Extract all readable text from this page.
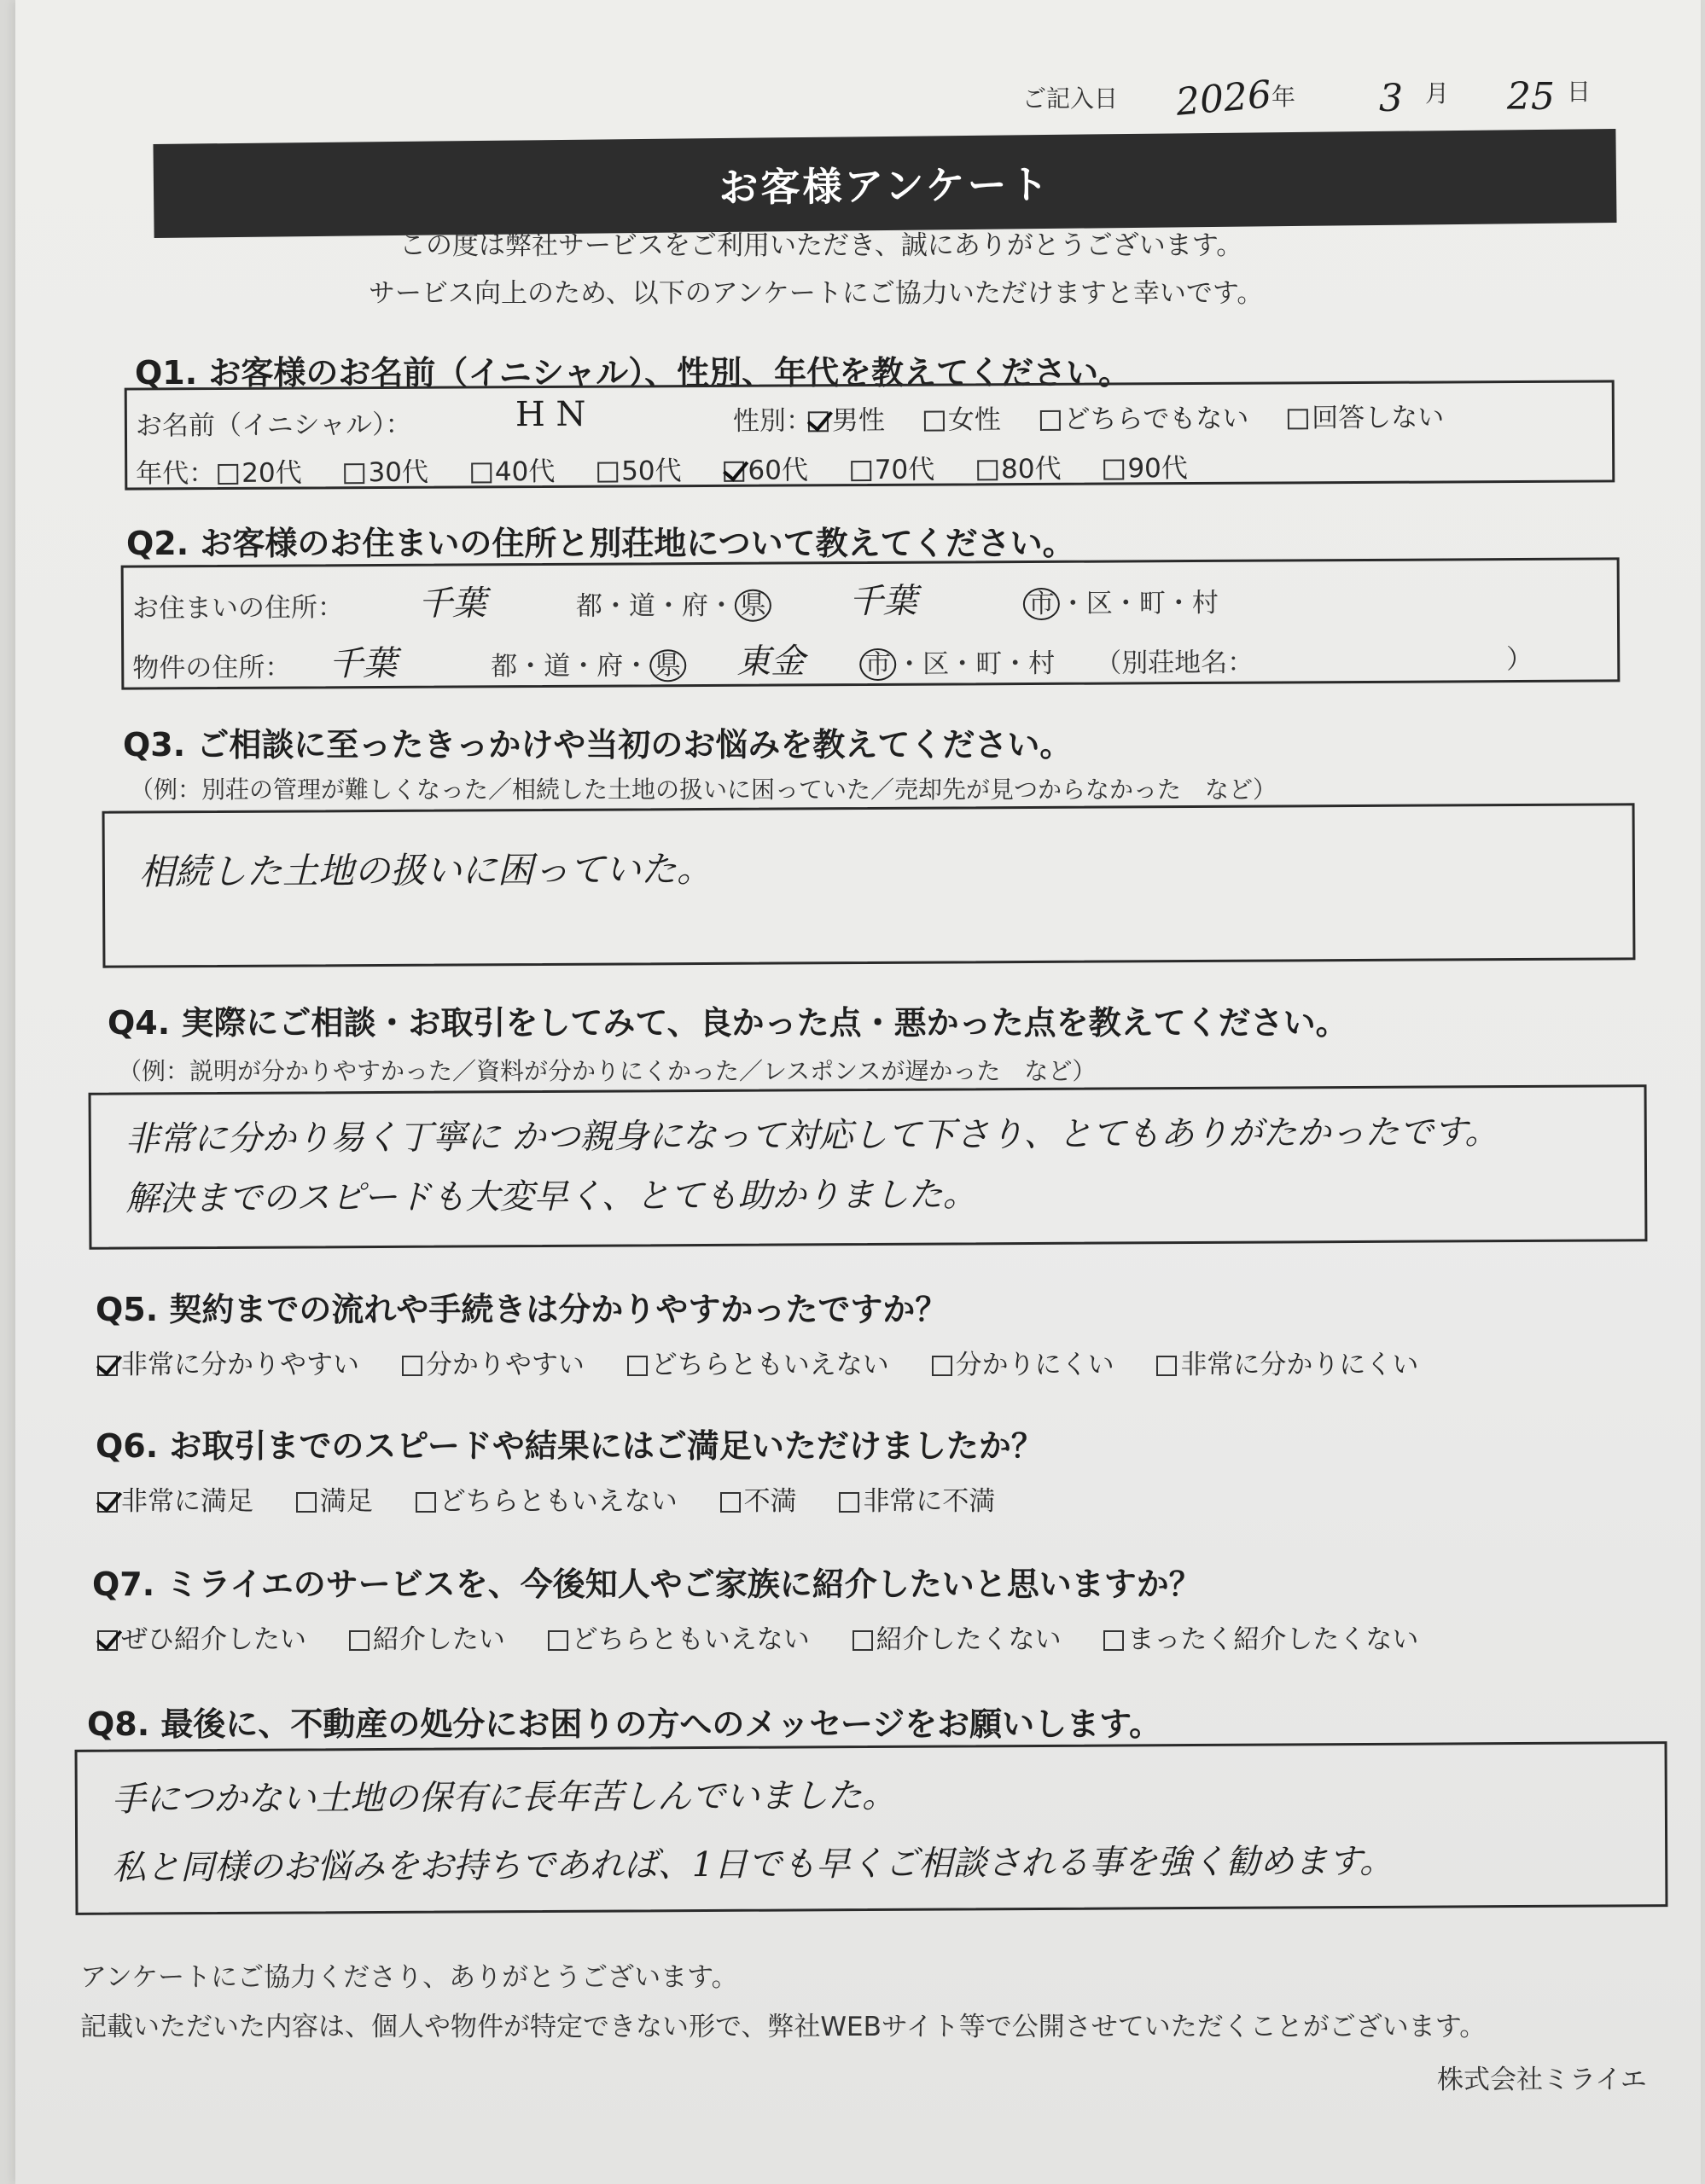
ご記入日 2026
年 3 月 25 日
お客様アンケート
この度は弊社サービスをご利用いただき、誠にありがとうございます。
サービス向上のため、以下のアンケートにご協力いただけますと幸いです。
Q1. お客様のお名前（イニシャル）、性別、年代を教えてください。
お名前（イニシャル）：	H N	性別： 男性 女性 どちらでもない 回答しない
年代： 20代	30代	40代	50代	60代	70代	80代	90代
Q2. お客様のお住まいの住所と別荘地について教えてください。
お住まいの住所： 千葉	都・道・府・ 県 千葉	市 ・区・町・村
物件の住所： 千葉	都・道・府・ 県 東金 市 ・区・町・村 （別荘地名：	）
Q3. ご相談に至ったきっかけや当初のお悩みを教えてください。
（例：別荘の管理が難しくなった／相続した土地の扱いに困っていた／売却先が見つからなかった　など）
相続した土地の扱いに困っていた。
Q4. 実際にご相談・お取引をしてみて、良かった点・悪かった点を教えてください。
（例：説明が分かりやすかった／資料が分かりにくかった／レスポンスが遅かった　など）
非常に分かり易く丁寧に かつ親身になって対応して下さり、とてもありがたかったです。
解決までのスピードも大変早く、とても助かりました。
Q5. 契約までの流れや手続きは分かりやすかったですか？
非常に分かりやすい	分かりやすい	どちらともいえない	分かりにくい	非常に分かりにくい
Q6. お取引までのスピードや結果にはご満足いただけましたか？
非常に満足	満足	どちらともいえない	不満	非常に不満
Q7. ミライエのサービスを、今後知人やご家族に紹介したいと思いますか？
ぜひ紹介したい	紹介したい	どちらともいえない	紹介したくない	まったく紹介したくない
Q8. 最後に、不動産の処分にお困りの方へのメッセージをお願いします。
手につかない土地の保有に長年苦しんでいました。
私と同様のお悩みをお持ちであれば、1日でも早くご相談される事を強く勧めます。
アンケートにご協力くださり、ありがとうございます。
記載いただいた内容は、個人や物件が特定できない形で、弊社WEBサイト等で公開させていただくことがございます。
株式会社ミライエ
